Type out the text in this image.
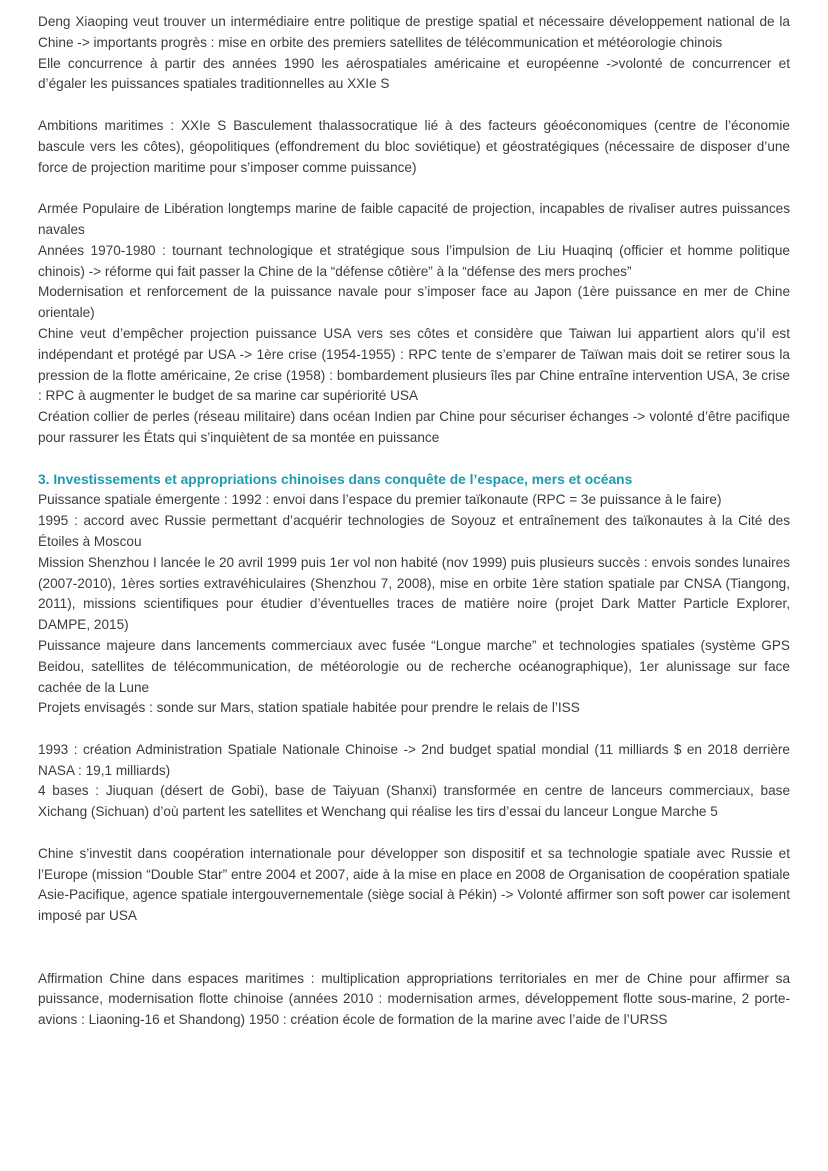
Deng Xiaoping veut trouver un intermédiaire entre politique de prestige spatial et nécessaire développement national de la Chine -> importants progrès : mise en orbite des premiers satellites de télécommunication et météorologie chinois

Elle concurrence à partir des années 1990 les aérospatiales américaine et européenne ->volonté de concurrencer et d’égaler les puissances spatiales traditionnelles au XXIe S

Ambitions maritimes : XXIe S Basculement thalassocratique lié à des facteurs géoéconomiques (centre de l’économie bascule vers les côtes), géopolitiques (effondrement du bloc soviétique) et géostratégiques (nécessaire de disposer d’une force de projection maritime pour s’imposer comme puissance)

Armée Populaire de Libération longtemps marine de faible capacité de projection, incapables de rivaliser autres puissances navales

Années 1970-1980 : tournant technologique et stratégique sous l’impulsion de Liu Huaqinq (officier et homme politique chinois) -> réforme qui fait passer la Chine de la “défense côtière” à la “défense des mers proches”

Modernisation et renforcement de la puissance navale pour s’imposer face au Japon (1ère puissance en mer de Chine orientale)

Chine veut d’empêcher projection puissance USA vers ses côtes et considère que Taiwan lui appartient alors qu’il est indépendant et protégé par USA -> 1ère crise (1954-1955) : RPC tente de s’emparer de Taïwan mais doit se retirer sous la pression de la flotte américaine, 2e crise (1958) : bombardement plusieurs îles par Chine entraîne intervention USA, 3e crise : RPC à augmenter le budget de sa marine car supériorité USA

Création collier de perles (réseau militaire) dans océan Indien par Chine pour sécuriser échanges -> volonté d’être pacifique pour rassurer les États qui s’inquiètent de sa montée en puissance

3. Investissements et appropriations chinoises dans conquête de l’espace, mers et océans

Puissance spatiale émergente : 1992 : envoi dans l’espace du premier taïkonaute (RPC = 3e puissance à le faire)

1995 : accord avec Russie permettant d’acquérir technologies de Soyouz et entraînement des taïkonautes à la Cité des Étoiles à Moscou

Mission Shenzhou I lancée le 20 avril 1999 puis 1er vol non habité (nov 1999) puis plusieurs succès : envois sondes lunaires (2007-2010), 1ères sorties extravéhiculaires (Shenzhou 7, 2008), mise en orbite 1ère station spatiale par CNSA (Tiangong, 2011), missions scientifiques pour étudier d’éventuelles traces de matière noire (projet Dark Matter Particle Explorer, DAMPE, 2015)

Puissance majeure dans lancements commerciaux avec fusée “Longue marche” et technologies spatiales (système GPS Beidou, satellites de télécommunication, de météorologie ou de recherche océanographique), 1er alunissage sur face cachée de la Lune

Projets envisagés : sonde sur Mars, station spatiale habitée pour prendre le relais de l’ISS

1993 : création Administration Spatiale Nationale Chinoise -> 2nd budget spatial mondial (11 milliards $ en 2018 derrière NASA : 19,1 milliards)

4 bases : Jiuquan (désert de Gobi), base de Taiyuan (Shanxi) transformée en centre de lanceurs commerciaux, base Xichang (Sichuan) d’où partent les satellites et Wenchang qui réalise les tirs d’essai du lanceur Longue Marche 5

Chine s’investit dans coopération internationale pour développer son dispositif et sa technologie spatiale avec Russie et l’Europe (mission “Double Star” entre 2004 et 2007, aide à la mise en place en 2008 de Organisation de coopération spatiale Asie-Pacifique, agence spatiale intergouvernementale (siège social à Pékin) -> Volonté affirmer son soft power car isolement imposé par USA

Affirmation Chine dans espaces maritimes : multiplication appropriations territoriales en mer de Chine pour affirmer sa puissance, modernisation flotte chinoise (années 2010 : modernisation armes, développement flotte sous-marine, 2 porte-avions : Liaoning-16 et Shandong) 1950 : création école de formation de la marine avec l’aide de l’URSS
